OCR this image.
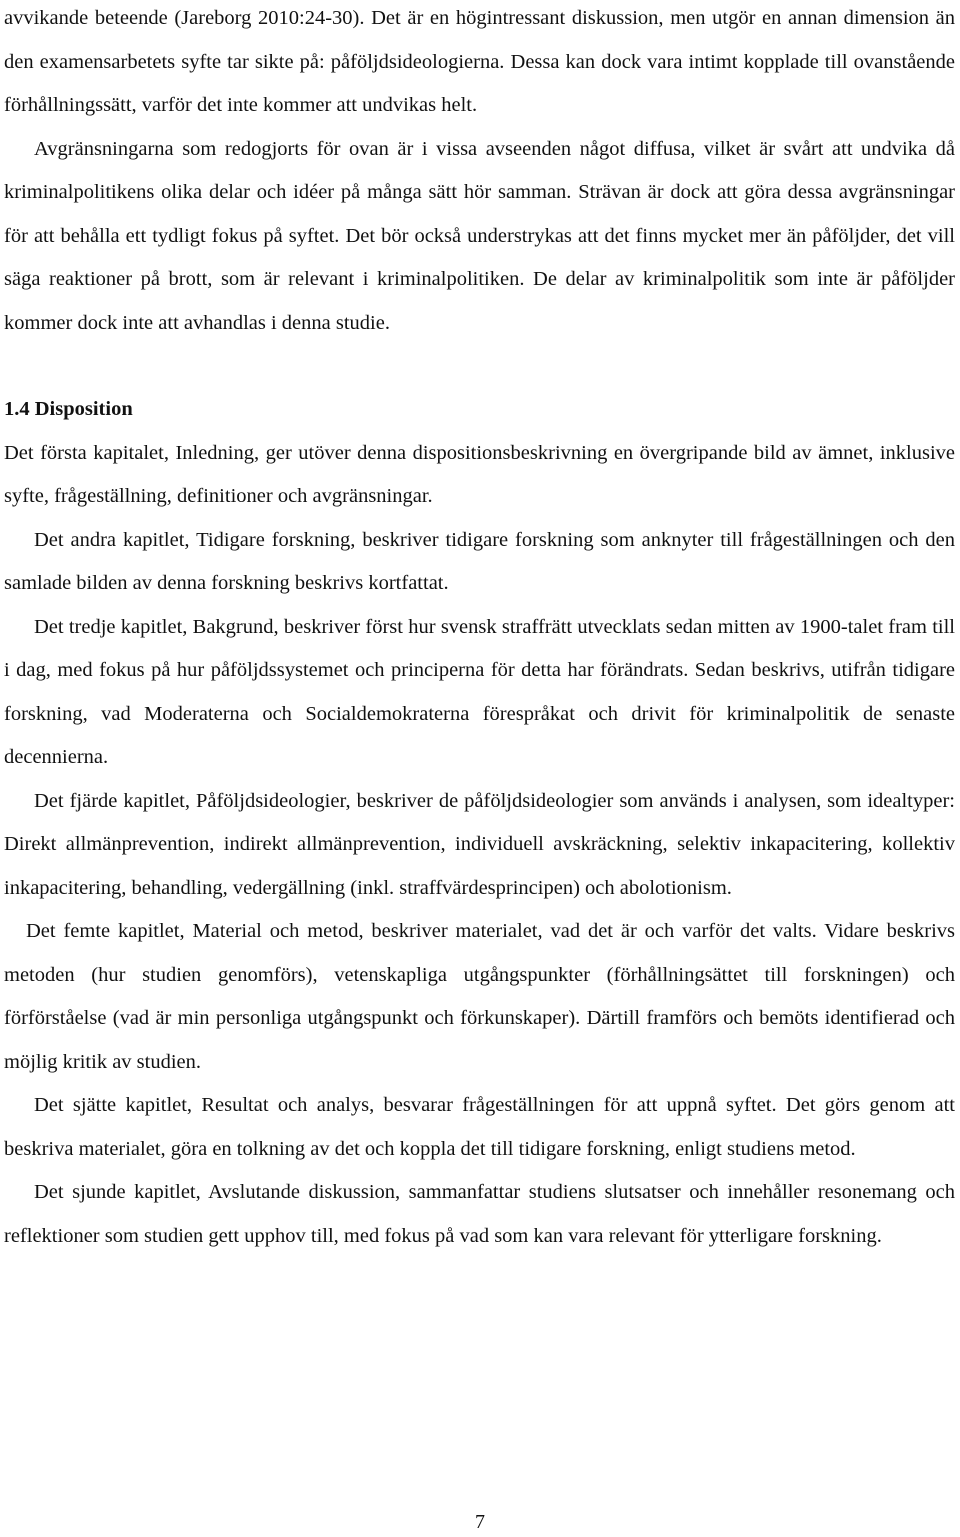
avvikande beteende (Jareborg 2010:24-30). Det är en högintressant diskussion, men utgör en annan dimension än den examensarbetets syfte tar sikte på: påföljdsideologierna. Dessa kan dock vara intimt kopplade till ovanstående förhållningssätt, varför det inte kommer att undvikas helt.

Avgränsningarna som redogjorts för ovan är i vissa avseenden något diffusa, vilket är svårt att undvika då kriminalpolitikens olika delar och idéer på många sätt hör samman. Strävan är dock att göra dessa avgränsningar för att behålla ett tydligt fokus på syftet. Det bör också understrykas att det finns mycket mer än påföljder, det vill säga reaktioner på brott, som är relevant i kriminalpolitiken. De delar av kriminalpolitik som inte är påföljder kommer dock inte att avhandlas i denna studie.

1.4 Disposition

Det första kapitalet, Inledning, ger utöver denna dispositionsbeskrivning en övergripande bild av ämnet, inklusive syfte, frågeställning, definitioner och avgränsningar.

Det andra kapitlet, Tidigare forskning, beskriver tidigare forskning som anknyter till frågeställningen och den samlade bilden av denna forskning beskrivs kortfattat.

Det tredje kapitlet, Bakgrund, beskriver först hur svensk straffrätt utvecklats sedan mitten av 1900-talet fram till i dag, med fokus på hur påföljdssystemet och principerna för detta har förändrats. Sedan beskrivs, utifrån tidigare forskning, vad Moderaterna och Socialdemokraterna förespråkat och drivit för kriminalpolitik de senaste decennierna.

Det fjärde kapitlet, Påföljdsideologier, beskriver de påföljdsideologier som används i analysen, som idealtyper: Direkt allmänprevention, indirekt allmänprevention, individuell avskräckning, selektiv inkapacitering, kollektiv inkapacitering, behandling, vedergällning (inkl. straffvärdesprincipen) och abolotionism.

Det femte kapitlet, Material och metod, beskriver materialet, vad det är och varför det valts. Vidare beskrivs metoden (hur studien genomförs), vetenskapliga utgångspunkter (förhållningsättet till forskningen) och förförståelse (vad är min personliga utgångspunkt och förkunskaper). Därtill framförs och bemöts identifierad och möjlig kritik av studien.

Det sjätte kapitlet, Resultat och analys, besvarar frågeställningen för att uppnå syftet. Det görs genom att beskriva materialet, göra en tolkning av det och koppla det till tidigare forskning, enligt studiens metod.

Det sjunde kapitlet, Avslutande diskussion, sammanfattar studiens slutsatser och innehåller resonemang och reflektioner som studien gett upphov till, med fokus på vad som kan vara relevant för ytterligare forskning.

7
